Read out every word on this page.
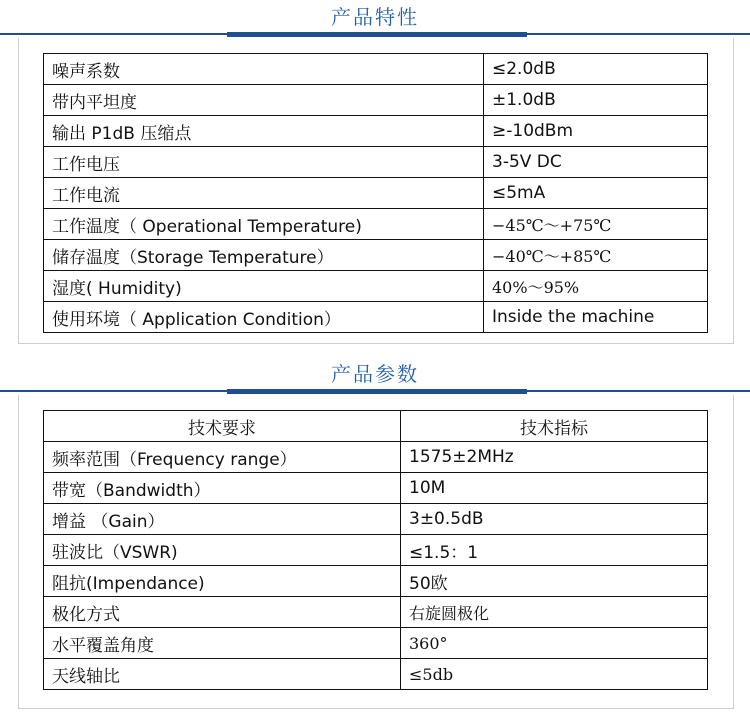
产品特性
噪声系数	≤2.0dB
带内平坦度	±1.0dB
输出 P1dB 压缩点	≥-10dBm
工作电压	3-5V DC
工作电流	≤5mA
工作温度（ Operational Temperature)	−45℃～+75℃
储存温度（Storage Temperature）	−40℃～+85℃
湿度( Humidity)	40%～95%
使用环境（ Application Condition）	Inside the machine
产品参数
技术要求	技术指标
频率范围（Frequency range）	1575±2MHz
带宽（Bandwidth）	10M
增益 （Gain）	3±0.5dB
驻波比（VSWR)	≤1.5：1
阻抗(Impendance)	50欧
极化方式	右旋圆极化
水平覆盖角度	360°
天线轴比	≤5db
